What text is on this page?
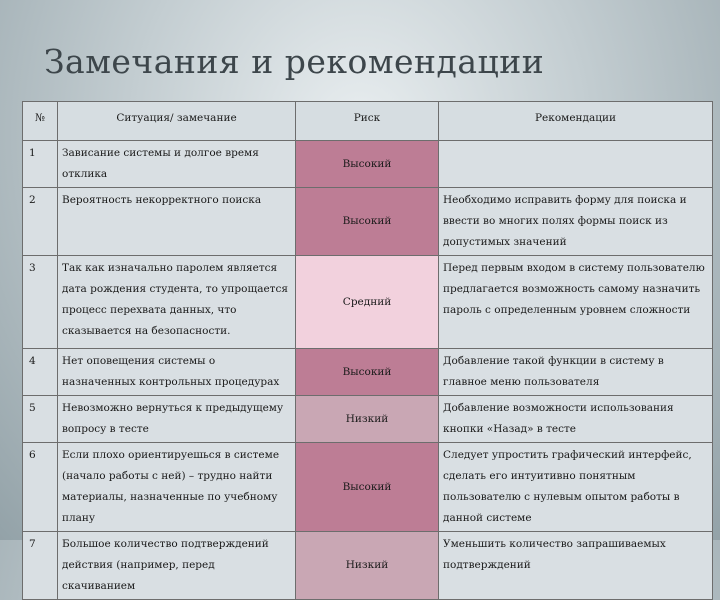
Замечания и рекомендации
№	Ситуация/ замечание	Риск	Рекомендации
1	Зависание системы и долгое время отклика	Высокий	
2	Вероятность некорректного поиска	Высокий	Необходимо исправить форму для поиска и ввести во многих полях формы поиск из допустимых значений
3	Так как изначально паролем является дата рождения студента, то упрощается процесс перехвата данных, что сказывается на безопасности.	Средний	Перед первым входом в систему пользователю предлагается возможность самому назначить пароль с определенным уровнем сложности
4	Нет оповещения системы о назначенных контрольных процедурах	Высокий	Добавление такой функции в систему в главное меню пользователя
5	Невозможно вернуться к предыдущему вопросу в тесте	Низкий	Добавление возможности использования кнопки «Назад» в тесте
6	Если плохо ориентируешься в системе (начало работы с ней) – трудно найти материалы, назначенные по учебному плану	Высокий	Следует упростить графический интерфейс, сделать его интуитивно понятным пользователю с нулевым опытом работы в данной системе
7	Большое количество подтверждений действия (например, перед скачиванием	Низкий	Уменьшить количество запрашиваемых подтверждений
